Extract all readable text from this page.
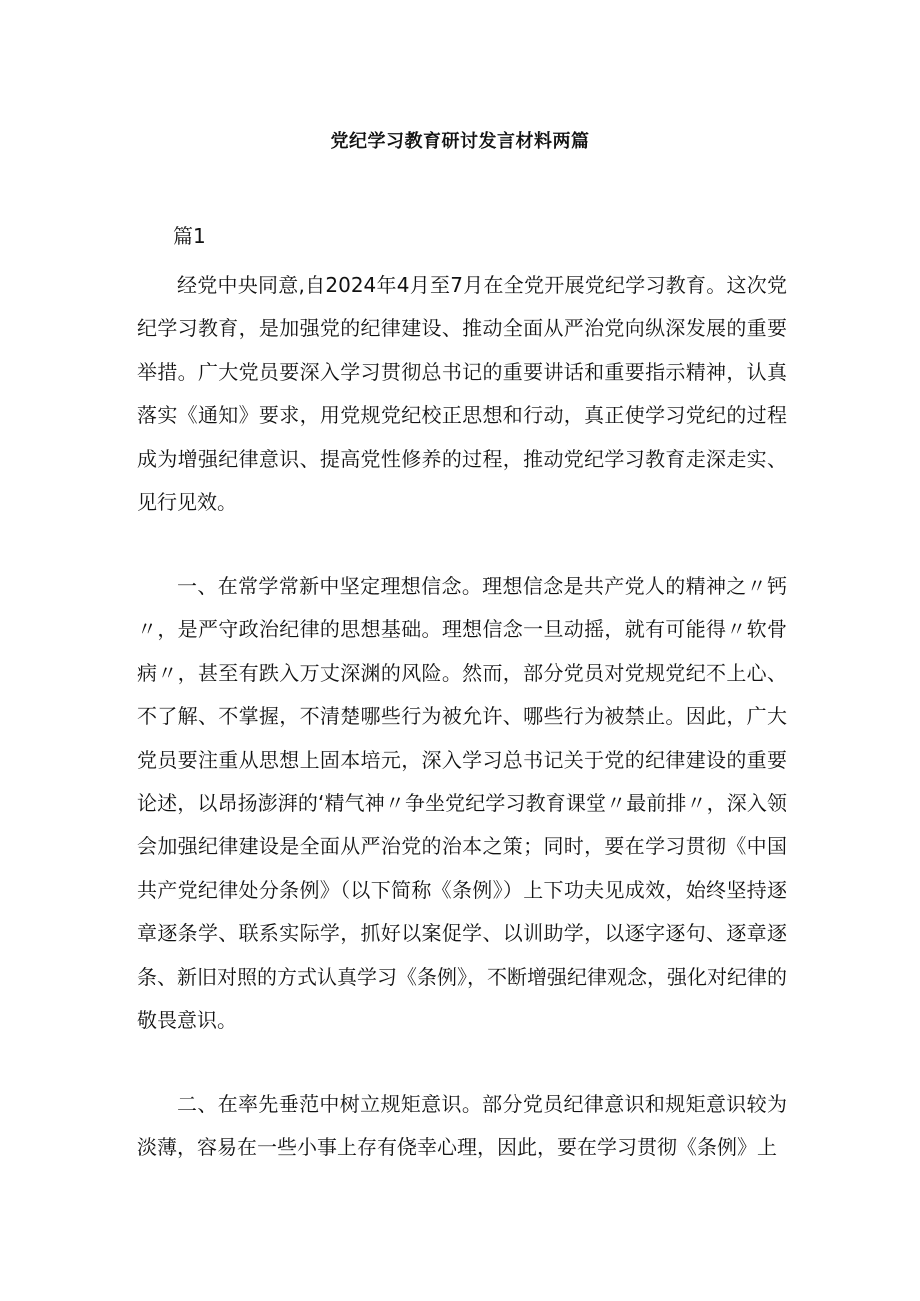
党纪学习教育研讨发言材料两篇
篇1

经党中央同意,自2024年4月至7月在全党开展党纪学习教育。这次党纪学习教育，是加强党的纪律建设、推动全面从严治党向纵深发展的重要举措。广大党员要深入学习贯彻总书记的重要讲话和重要指示精神，认真落实《通知》要求，用党规党纪校正思想和行动，真正使学习党纪的过程成为增强纪律意识、提高党性修养的过程，推动党纪学习教育走深走实、见行见效。

一、在常学常新中坚定理想信念。理想信念是共产党人的精神之〃钙〃，是严守政治纪律的思想基础。理想信念一旦动摇，就有可能得〃软骨病〃，甚至有跌入万丈深渊的风险。然而，部分党员对党规党纪不上心、不了解、不掌握，不清楚哪些行为被允许、哪些行为被禁止。因此，广大党员要注重从思想上固本培元，深入学习总书记关于党的纪律建设的重要论述，以昂扬澎湃的‘精气神〃争坐党纪学习教育课堂〃最前排〃，深入领会加强纪律建设是全面从严治党的治本之策；同时，要在学习贯彻《中国共产党纪律处分条例》（以下简称《条例》）上下功夫见成效，始终坚持逐章逐条学、联系实际学，抓好以案促学、以训助学，以逐字逐句、逐章逐条、新旧对照的方式认真学习《条例》，不断增强纪律观念，强化对纪律的敬畏意识。

二、在率先垂范中树立规矩意识。部分党员纪律意识和规矩意识较为淡薄，容易在一些小事上存有侥幸心理，因此，要在学习贯彻《条例》上
